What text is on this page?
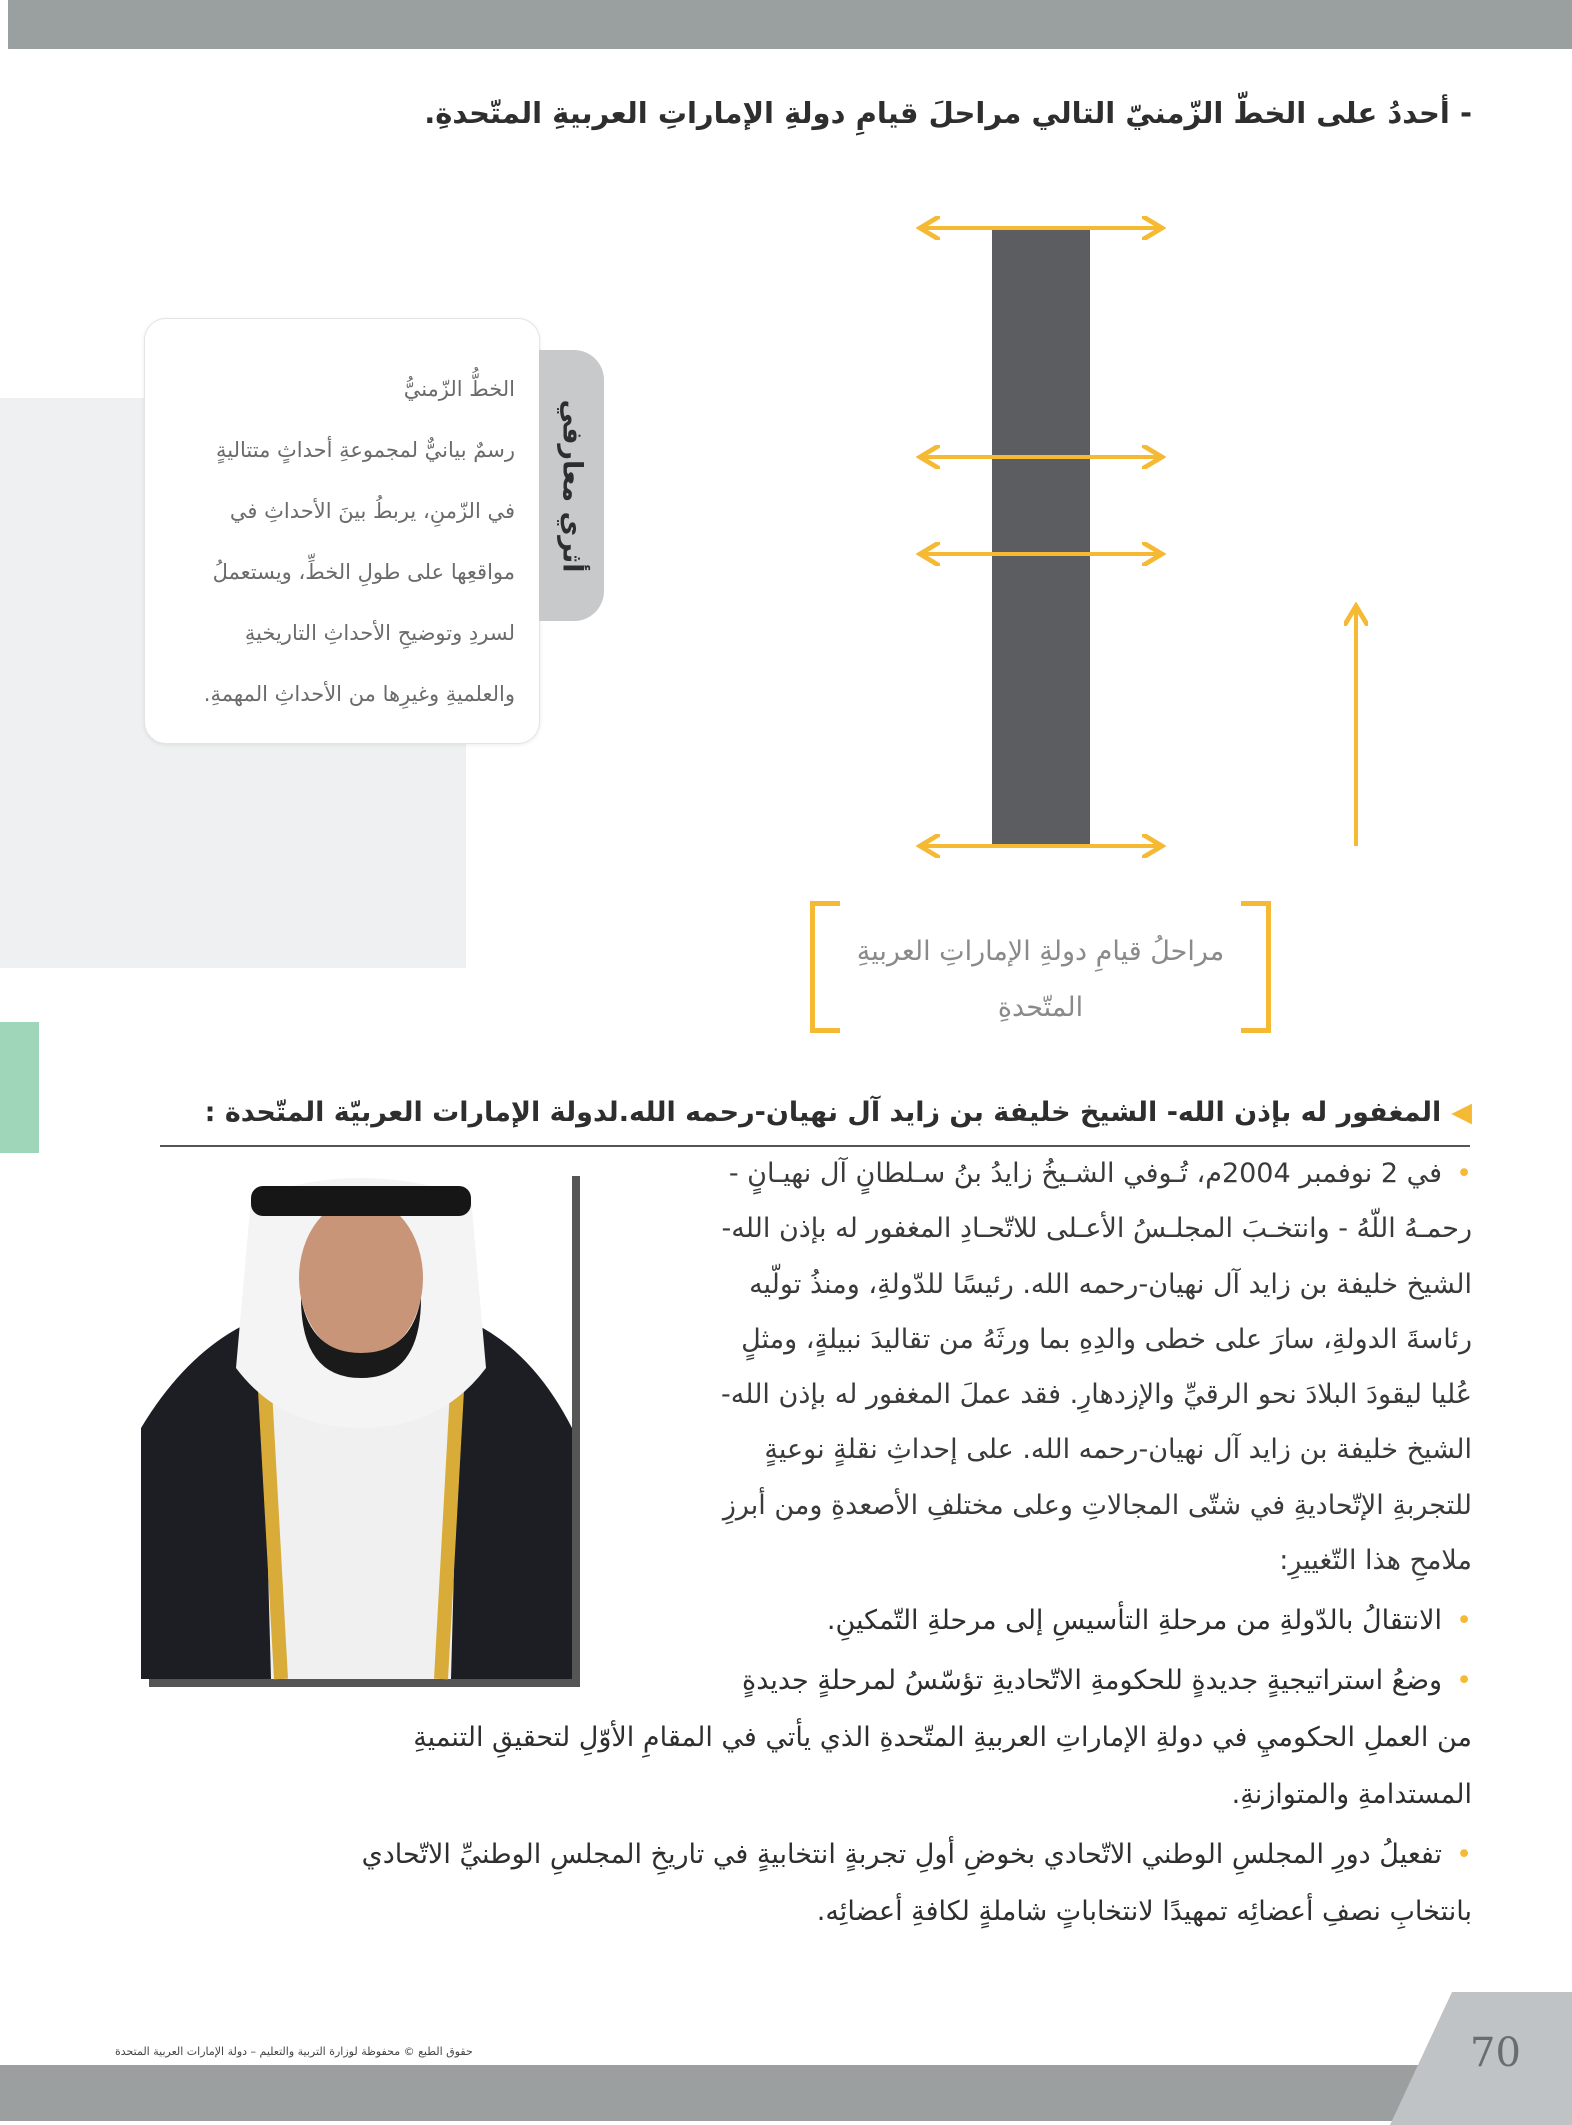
- أحددُ على الخطّ الزّمنيّ التالي مراحلَ قيامِ دولةِ الإماراتِ العربيةِ المتّحدةِ.

الخطُّ الزّمنيُّ

رسمٌ بيانيٌّ لمجموعةِ أحداثٍ متتاليةٍ

في الزّمنِ، يربطُ بينَ الأحداثِ في

مواقعِها على طولِ الخطِّ، ويستعملُ

لسردِ وتوضيحِ الأحداثِ التاريخيةِ

والعلميةِ وغيرِها من الأحداثِ المهمةِ.

أثري معارفي
مراحلُ قيامِ دولةِ الإماراتِ العربيةِ
المتّحدةِ
◀المغفور له بإذن الله- الشيخ خليفة بن زايد آل نهيان-رحمه الله.لدولة الإمارات العربيّة المتّحدة :
•في 2 نوفمبر 2004م، تُـوفي الشـيخُ زايدُ بنُ سـلطانٍ آل نهيـانٍ -
رحمـهُ اللّهُ - وانتخـبَ المجلـسُ الأعـلى للاتّحـادِ المغفور له بإذن الله-
الشيخ خليفة بن زايد آل نهيان-رحمه الله. رئيسًا للدّولةِ، ومنذُ تولّيه
رئاسةَ الدولةِ، سارَ على خطى والدِهِ بما ورثَهُ من تقاليدَ نبيلةٍ، ومثلٍ
عُليا ليقودَ البلادَ نحو الرقيِّ والإزدهارِ. فقد عملَ المغفور له بإذن الله-
الشيخ خليفة بن زايد آل نهيان-رحمه الله. على إحداثِ نقلةٍ نوعيةٍ
للتجربةِ الإتّحاديةِ في شتّى المجالاتِ وعلى مختلفِ الأصعدةِ ومن أبرزِ
ملامحِ هذا التّغييرِ:
•الانتقالُ بالدّولةِ من مرحلةِ التأسيسِ إلى مرحلةِ التّمكينِ.
•وضعُ استراتيجيةٍ جديدةٍ للحكومةِ الاتّحاديةِ تؤسّسُ لمرحلةٍ جديدةٍ
من العملِ الحكوميِ في دولةِ الإماراتِ العربيةِ المتّحدةِ الذي يأتي في المقامِ الأوّلِ لتحقيقِ التنميةِ
المستدامةِ والمتوازنةِ.
•تفعيلُ دورِ المجلسِ الوطني الاتّحادي بخوضِ أولِ تجربةٍ انتخابيةٍ في تاريخِ المجلسِ الوطنيِّ الاتّحادي
بانتخابِ نصفِ أعضائِه تمهيدًا لانتخاباتٍ شاملةٍ لكافةِ أعضائِه.
حقوق الطبع © محفوظة لوزارة التربية والتعليم – دولة الإمارات العربية المتحدة	70
